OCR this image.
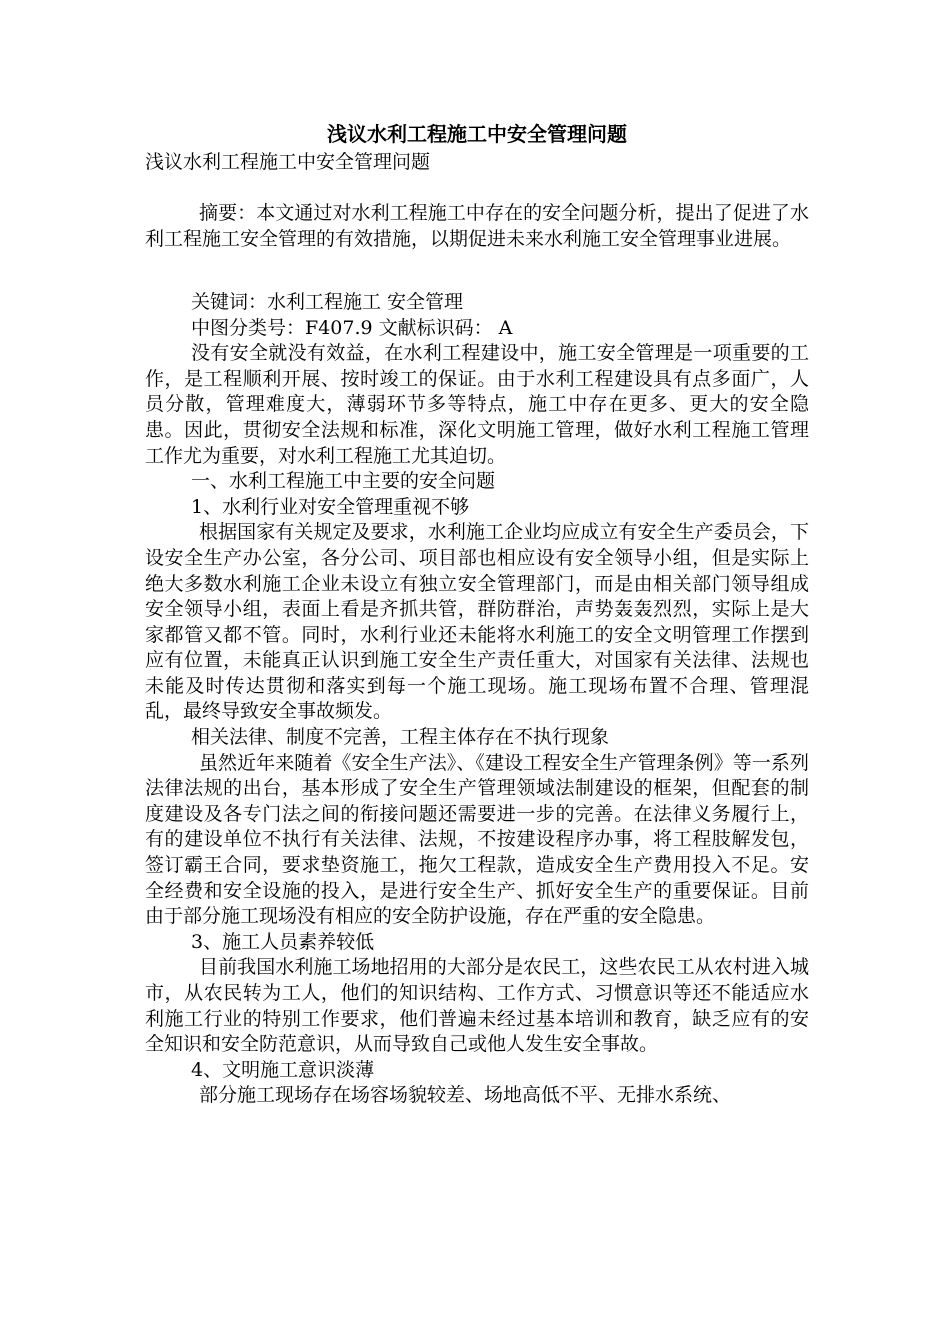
浅议水利工程施工中安全管理问题

浅议水利工程施工中安全管理问题

摘要：本文通过对水利工程施工中存在的安全问题分析，提出了促进了水利工程施工安全管理的有效措施，以期促进未来水利施工安全管理事业进展。

关键词：水利工程施工 安全管理

中图分类号：F407.9 文献标识码： A

没有安全就没有效益，在水利工程建设中，施工安全管理是一项重要的工作，是工程顺利开展、按时竣工的保证。由于水利工程建设具有点多面广，人员分散，管理难度大，薄弱环节多等特点，施工中存在更多、更大的安全隐患。因此，贯彻安全法规和标准，深化文明施工管理，做好水利工程施工管理工作尤为重要，对水利工程施工尤其迫切。

一、水利工程施工中主要的安全问题

1、水利行业对安全管理重视不够

根据国家有关规定及要求，水利施工企业均应成立有安全生产委员会，下设安全生产办公室，各分公司、项目部也相应设有安全领导小组，但是实际上绝大多数水利施工企业未设立有独立安全管理部门，而是由相关部门领导组成安全领导小组，表面上看是齐抓共管，群防群治，声势轰轰烈烈，实际上是大家都管又都不管。同时，水利行业还未能将水利施工的安全文明管理工作摆到应有位置，未能真正认识到施工安全生产责任重大，对国家有关法律、法规也未能及时传达贯彻和落实到每一个施工现场。施工现场布置不合理、管理混乱，最终导致安全事故频发。

相关法律、制度不完善，工程主体存在不执行现象

虽然近年来随着《安全生产法》、《建设工程安全生产管理条例》等一系列法律法规的出台，基本形成了安全生产管理领域法制建设的框架，但配套的制度建设及各专门法之间的衔接问题还需要进一步的完善。在法律义务履行上，有的建设单位不执行有关法律、法规，不按建设程序办事，将工程肢解发包，签订霸王合同，要求垫资施工，拖欠工程款，造成安全生产费用投入不足。安全经费和安全设施的投入，是进行安全生产、抓好安全生产的重要保证。目前由于部分施工现场没有相应的安全防护设施，存在严重的安全隐患。

3、施工人员素养较低

目前我国水利施工场地招用的大部分是农民工，这些农民工从农村进入城市，从农民转为工人，他们的知识结构、工作方式、习惯意识等还不能适应水利施工行业的特别工作要求，他们普遍未经过基本培训和教育，缺乏应有的安全知识和安全防范意识，从而导致自己或他人发生安全事故。

4、文明施工意识淡薄

部分施工现场存在场容场貌较差、场地高低不平、无排水系统、
